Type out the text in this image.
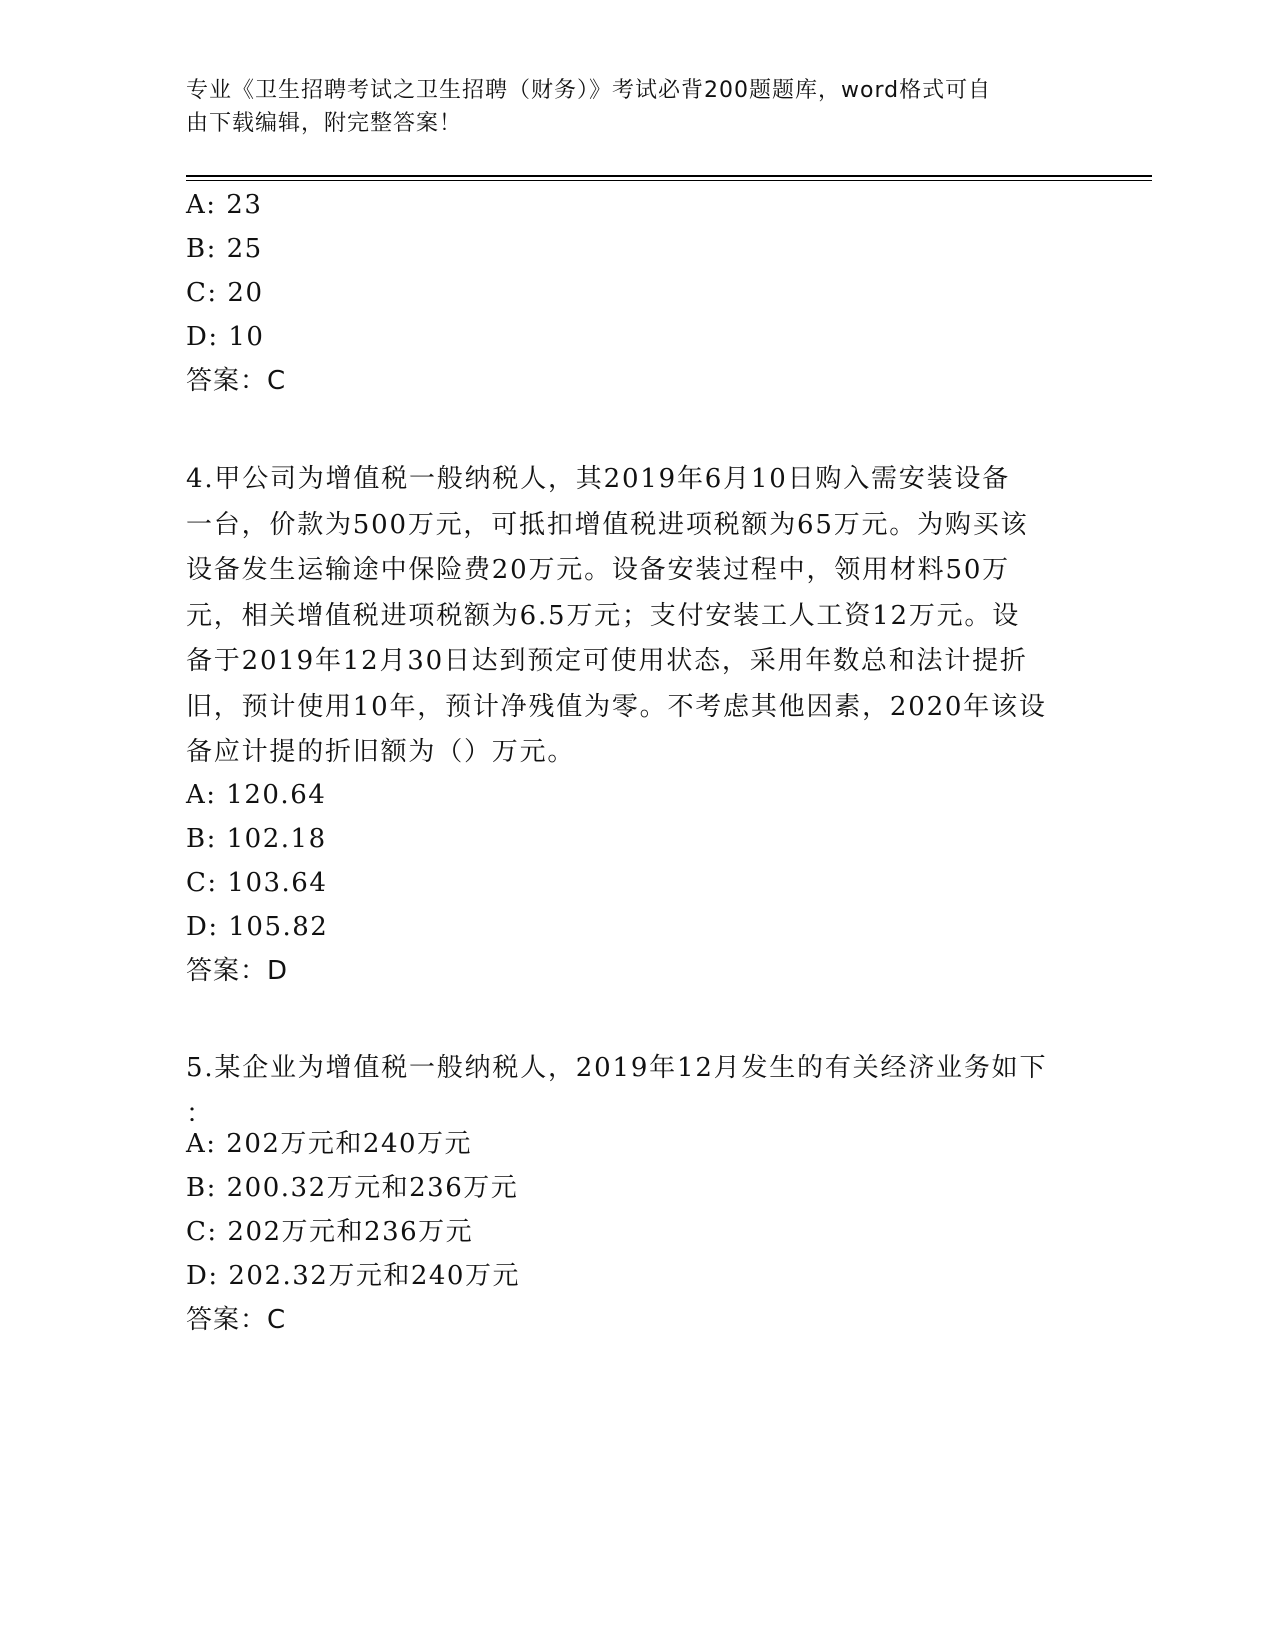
专业《卫生招聘考试之卫生招聘（财务）》考试必背200题题库，word格式可自
由下载编辑，附完整答案！
A: 23
B: 25
C: 20
D: 10
答案：C
4.甲公司为增值税一般纳税人，其2019年6月10日购入需安装设备
一台，价款为500万元，可抵扣增值税进项税额为65万元。为购买该
设备发生运输途中保险费20万元。设备安装过程中，领用材料50万
元，相关增值税进项税额为6.5万元；支付安装工人工资12万元。设
备于2019年12月30日达到预定可使用状态，采用年数总和法计提折
旧，预计使用10年，预计净残值为零。不考虑其他因素，2020年该设
备应计提的折旧额为（）万元。
A: 120.64
B: 102.18
C: 103.64
D: 105.82
答案：D
5.某企业为增值税一般纳税人，2019年12月发生的有关经济业务如下
：
A: 202万元和240万元
B: 200.32万元和236万元
C: 202万元和236万元
D: 202.32万元和240万元
答案：C
